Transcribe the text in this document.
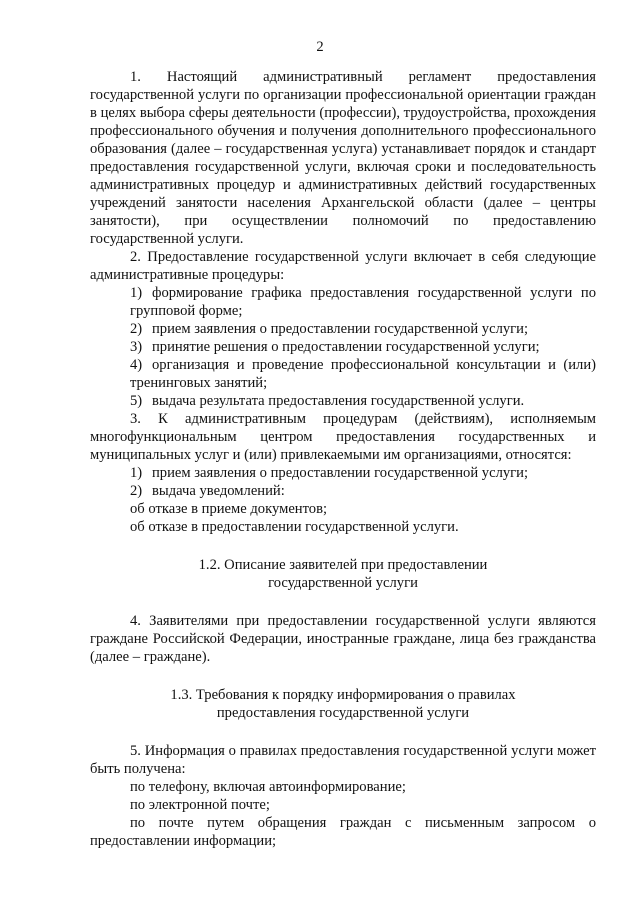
2

1. Настоящий административный регламент предоставления государственной услуги по организации профессиональной ориентации граждан в целях выбора сферы деятельности (профессии), трудоустройства, прохождения профессионального обучения и получения дополнительного профессионального образования (далее – государственная услуга) устанавливает порядок и стандарт предоставления государственной услуги, включая сроки и последовательность административных процедур и административных действий государственных учреждений занятости населения Архангельской области (далее – центры занятости), при осуществлении полномочий по предоставлению государственной услуги.

2. Предоставление государственной услуги включает в себя следующие административные процедуры:

1) формирование графика предоставления государственной услуги по групповой форме;

2) прием заявления о предоставлении государственной услуги;

3) принятие решения о предоставлении государственной услуги;

4) организация и проведение профессиональной консультации и (или) тренинговых занятий;

5) выдача результата предоставления государственной услуги.

3. К административным процедурам (действиям), исполняемым многофункциональным центром предоставления государственных и муниципальных услуг и (или) привлекаемыми им организациями, относятся:

1) прием заявления о предоставлении государственной услуги;

2) выдача уведомлений:

об отказе в приеме документов;

об отказе в предоставлении государственной услуги.

1.2. Описание заявителей при предоставлении
государственной услуги

4. Заявителями при предоставлении государственной услуги являются граждане Российской Федерации, иностранные граждане, лица без гражданства (далее – граждане).

1.3. Требования к порядку информирования о правилах
предоставления государственной услуги

5. Информация о правилах предоставления государственной услуги может быть получена:

по телефону, включая автоинформирование;

по электронной почте;

по почте путем обращения граждан с письменным запросом о предоставлении информации;
